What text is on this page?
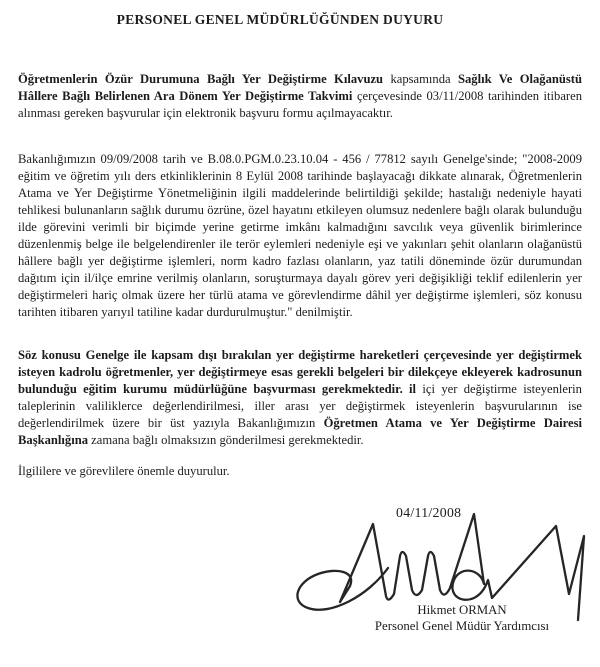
PERSONEL GENEL MÜDÜRLÜĞÜNDEN DUYURU

Öğretmenlerin Özür Durumuna Bağlı Yer Değiştirme Kılavuzu kapsamında Sağlık Ve Olağanüstü Hâllere Bağlı Belirlenen Ara Dönem Yer Değiştirme Takvimi çerçevesinde 03/11/2008 tarihinden itibaren alınması gereken başvurular için elektronik başvuru formu açılmayacaktır.

Bakanlığımızın 09/09/2008 tarih ve B.08.0.PGM.0.23.10.04 - 456 / 77812 sayılı Genelge'sinde; "2008-2009 eğitim ve öğretim yılı ders etkinliklerinin 8 Eylül 2008 tarihinde başlayacağı dikkate alınarak, Öğretmenlerin Atama ve Yer Değiştirme Yönetmeliğinin ilgili maddelerinde belirtildiği şekilde; hastalığı nedeniyle hayati tehlikesi bulunanların sağlık durumu özrüne, özel hayatını etkileyen olumsuz nedenlere bağlı olarak bulunduğu ilde görevini verimli bir biçimde yerine getirme imkânı kalmadığını savcılık veya güvenlik birimlerince düzenlenmiş belge ile belgelendirenler ile terör eylemleri nedeniyle eşi ve yakınları şehit olanların olağanüstü hâllere bağlı yer değiştirme işlemleri, norm kadro fazlası olanların, yaz tatili döneminde özür durumundan dağıtım için il/ilçe emrine verilmiş olanların, soruşturmaya dayalı görev yeri değişikliği teklif edilenlerin yer değiştirmeleri hariç olmak üzere her türlü atama ve görevlendirme dâhil yer değiştirme işlemleri, söz konusu tarihten itibaren yarıyıl tatiline kadar durdurulmuştur." denilmiştir.

Söz konusu Genelge ile kapsam dışı bırakılan yer değiştirme hareketleri çerçevesinde yer değiştirmek isteyen kadrolu öğretmenler, yer değiştirmeye esas gerekli belgeleri bir dilekçeye ekleyerek kadrosunun bulunduğu eğitim kurumu müdürlüğüne başvurması gerekmektedir. il içi yer değiştirme isteyenlerin taleplerinin valiliklerce değerlendirilmesi, iller arası yer değiştirmek isteyenlerin başvurularının ise değerlendirilmek üzere bir üst yazıyla Bakanlığımızın Öğretmen Atama ve Yer Değiştirme Dairesi Başkanlığına zamana bağlı olmaksızın gönderilmesi gerekmektedir.

İlgililere ve görevlilere önemle duyurulur.

04/11/2008
Hikmet ORMAN
Personel Genel Müdür Yardımcısı
